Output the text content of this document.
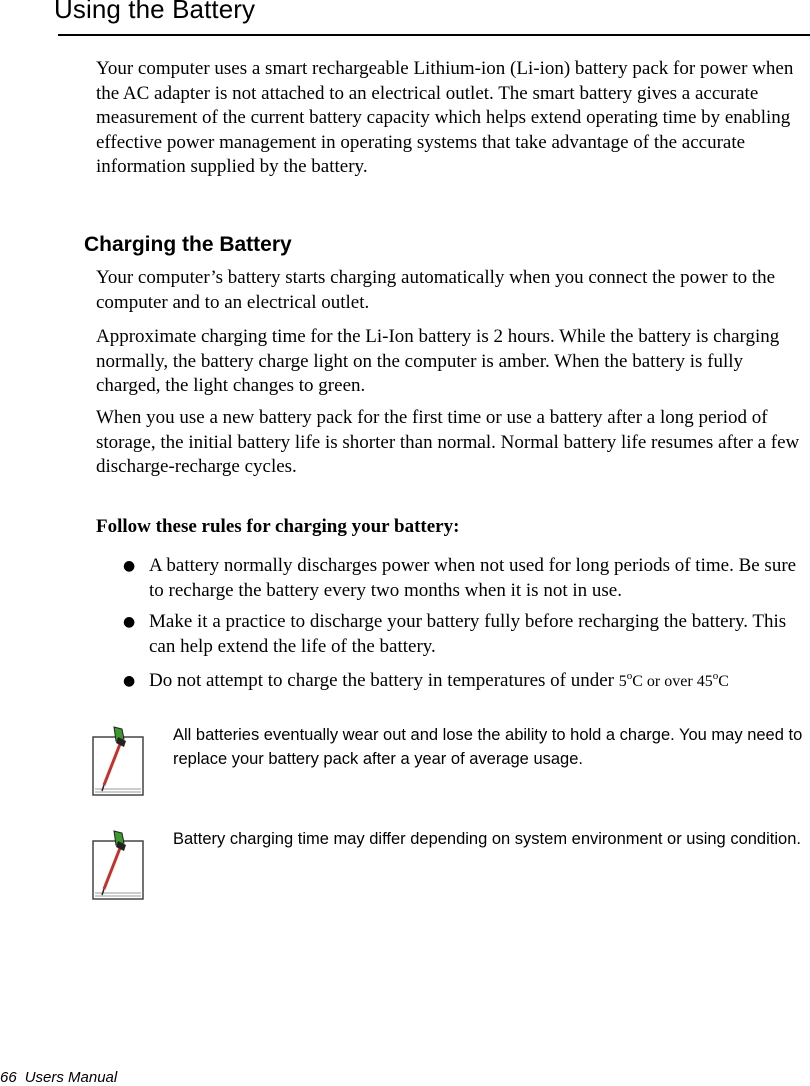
Using the Battery

Your computer uses a smart rechargeable Lithium-ion (Li-ion) battery pack for power when the AC adapter is not attached to an electrical outlet. The smart battery gives a accurate measurement of the current battery capacity which helps extend operating time by enabling effective power management in operating systems that take advantage of the accurate information supplied by the battery.

Charging the Battery

Your computer’s battery starts charging automatically when you connect the power to the computer and to an electrical outlet.

Approximate charging time for the Li-Ion battery is 2 hours. While the battery is charging normally, the battery charge light on the computer is amber. When the battery is fully charged, the light changes to green.

When you use a new battery pack for the first time or use a battery after a long period of storage, the initial battery life is shorter than normal. Normal battery life resumes after a few discharge-recharge cycles.

Follow these rules for charging your battery:
● A battery normally discharges power when not used for long periods of time. Be sure to recharge the battery every two months when it is not in use.
● Make it a practice to discharge your battery fully before recharging the battery. This can help extend the life of the battery.
● Do not attempt to charge the battery in temperatures of under 5$^o$C or over 45$^o$C
All batteries eventually wear out and lose the ability to hold a charge. You may need to replace your battery pack after a year of average usage.
Battery charging time may differ depending on system environment or using condition.
66 Users Manual
